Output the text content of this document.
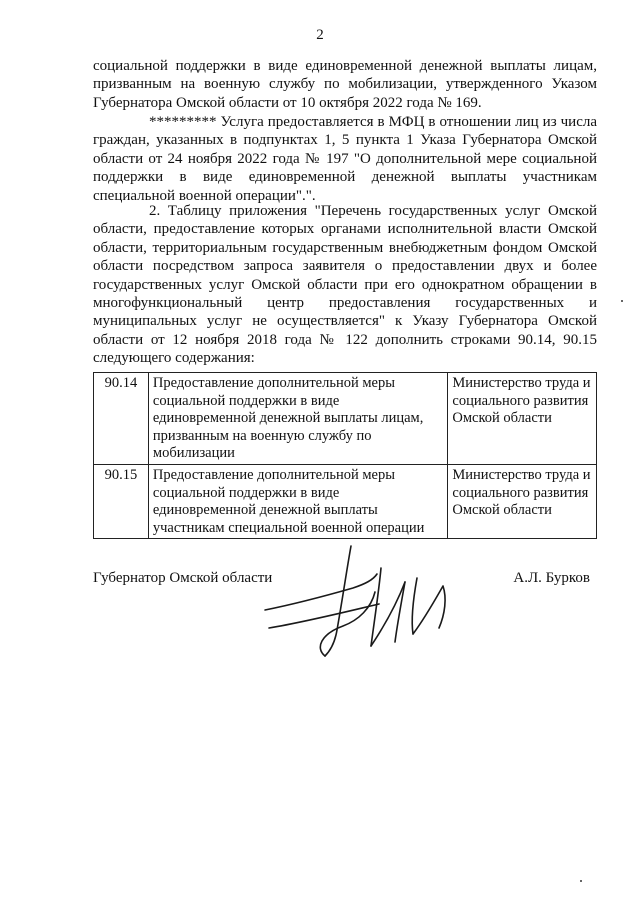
2

социальной поддержки в виде единовременной денежной выплаты лицам, призванным на военную службу по мобилизации, утвержденного Указом Губернатора Омской области от 10 октября 2022 года № 169.

********* Услуга предоставляется в МФЦ в отношении лиц из числа граждан, указанных в подпунктах 1, 5 пункта 1 Указа Губернатора Омской области от 24 ноября 2022 года № 197 "О дополнительной мере социальной поддержки в виде единовременной денежной выплаты участникам специальной военной операции".".

2. Таблицу приложения "Перечень государственных услуг Омской области, предоставление которых органами исполнительной власти Омской области, территориальным государственным внебюджетным фондом Омской области посредством запроса заявителя о предоставлении двух и более государственных услуг Омской области при его однократном обращении в многофункциональный центр предоставления государственных и муниципальных услуг не осуществляется" к Указу Губернатора Омской области от 12 ноября 2018 года № 122 дополнить строками 90.14, 90.15 следующего содержания:

90.14	Предоставление дополнительной меры социальной поддержки в виде единовременной денежной выплаты лицам, призванным на военную службу по мобилизации	Министерство труда и социального развития Омской области
90.15	Предоставление дополнительной меры социальной поддержки в виде единовременной денежной выплаты участникам специальной военной операции	Министерство труда и социального развития Омской области
Губернатор Омской области	А.Л. Бурков
